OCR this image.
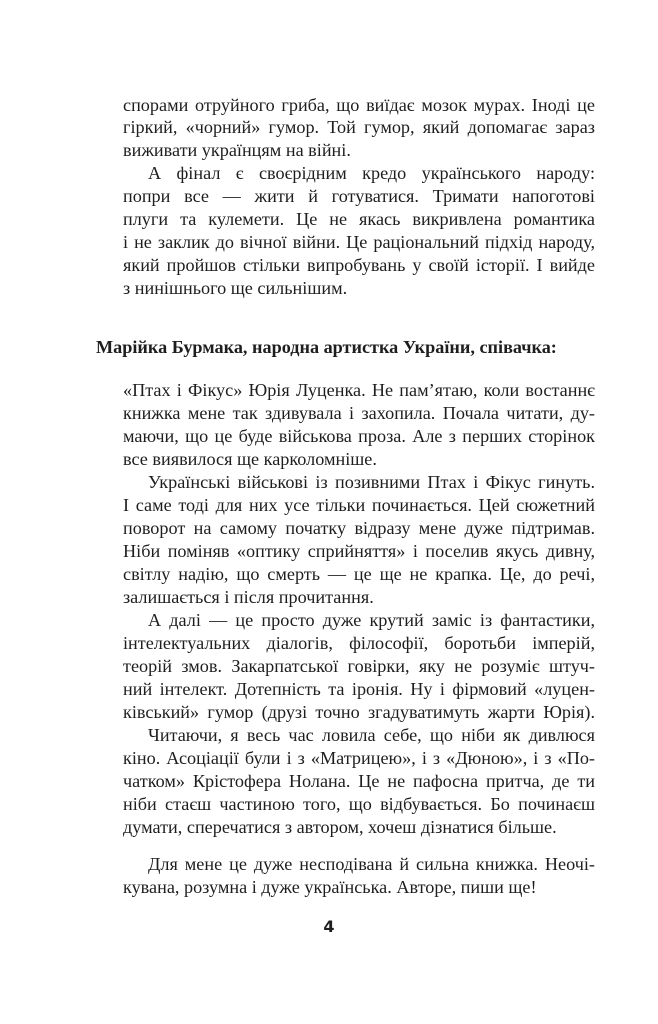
спорами отруйного гриба, що виїдає мозок мурах. Іноді це
гіркий, «чорний» гумор. Той гумор, який допомагає зараз
виживати українцям на війні.
А фінал є своєрідним кредо українського народу:
попри все — жити й готуватися. Тримати напоготові
плуги та кулемети. Це не якась викривлена романтика
і не заклик до вічної війни. Це раціональний підхід народу,
який пройшов стільки випробувань у своїй історії. І вийде
з нинішнього ще сильнішим.
Марійка Бурмака, народна артистка України, співачка:
«Птах і Фікус» Юрія Луценка. Не пам’ятаю, коли востаннє
книжка мене так здивувала і захопила. Почала читати, ду-
маючи, що це буде військова проза. Але з перших сторінок
все виявилося ще карколомніше.
Українські військові із позивними Птах і Фікус гинуть.
І саме тоді для них усе тільки починається. Цей сюжетний
поворот на самому початку відразу мене дуже підтримав.
Ніби поміняв «оптику сприйняття» і поселив якусь дивну,
світлу надію, що смерть — це ще не крапка. Це, до речі,
залишається і після прочитання.
А далі — це просто дуже крутий заміс із фантастики,
інтелектуальних діалогів, філософії, боротьби імперій,
теорій змов. Закарпатської говірки, яку не розуміє штуч-
ний інтелект. Дотепність та іронія. Ну і фірмовий «луцен-
ківський» гумор (друзі точно згадуватимуть жарти Юрія).
Читаючи, я весь час ловила себе, що ніби як дивлюся
кіно. Асоціації були і з «Матрицею», і з «Дюною», і з «По-
чатком» Крістофера Нолана. Це не пафосна притча, де ти
ніби стаєш частиною того, що відбувається. Бо починаєш
думати, сперечатися з автором, хочеш дізнатися більше.
Для мене це дуже несподівана й сильна книжка. Неочі-
кувана, розумна і дуже українська. Авторе, пиши ще!
4
